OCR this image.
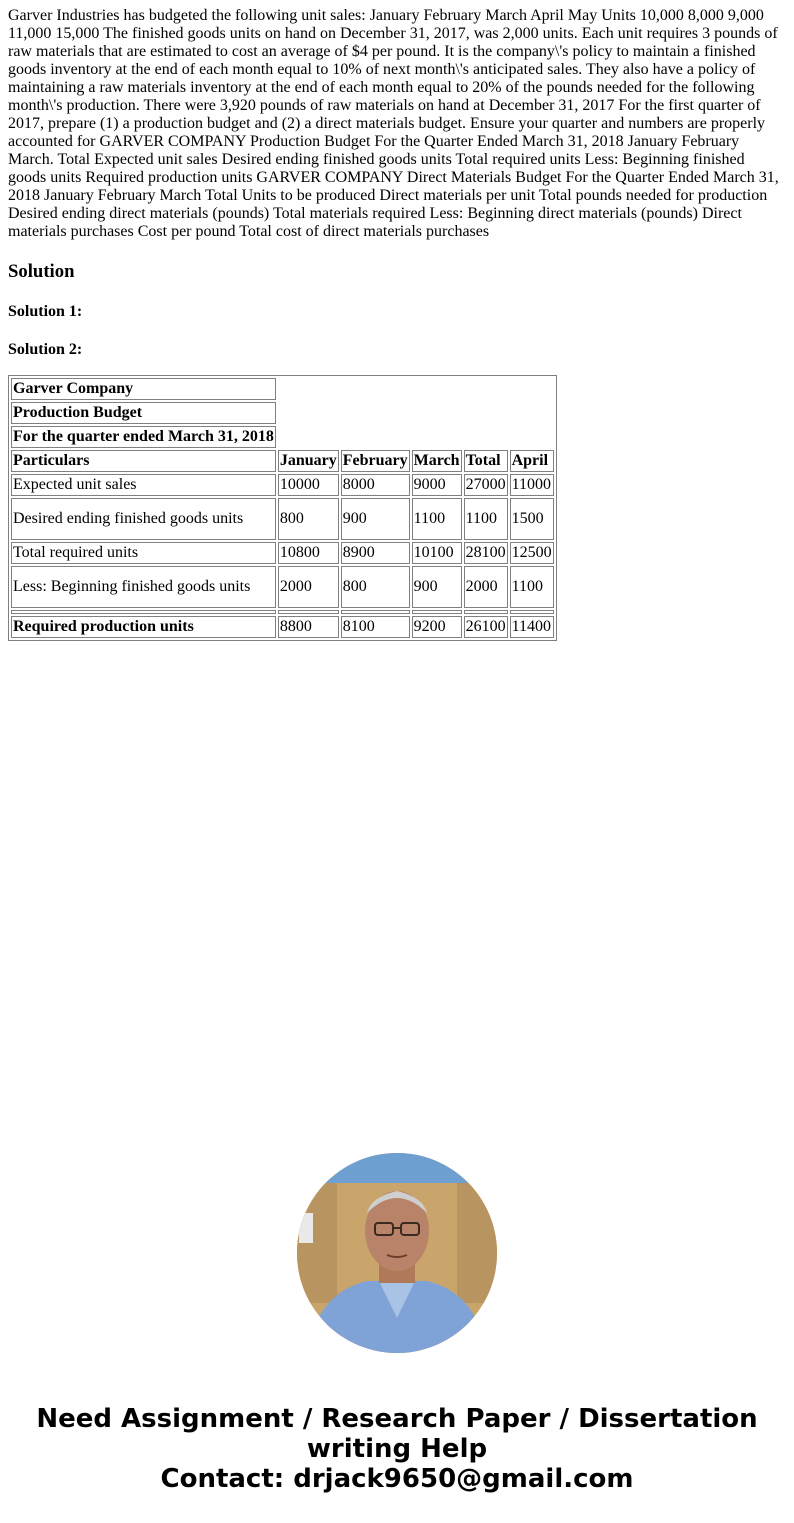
Garver Industries has budgeted the following unit sales: January February March April May Units 10,000 8,000 9,000 11,000 15,000 The finished goods units on hand on December 31, 2017, was 2,000 units. Each unit requires 3 pounds of raw materials that are estimated to cost an average of $4 per pound. It is the company\'s policy to maintain a finished goods inventory at the end of each month equal to 10% of next month\'s anticipated sales. They also have a policy of maintaining a raw materials inventory at the end of each month equal to 20% of the pounds needed for the following month\'s production. There were 3,920 pounds of raw materials on hand at December 31, 2017 For the first quarter of 2017, prepare (1) a production budget and (2) a direct materials budget. Ensure your quarter and numbers are properly accounted for GARVER COMPANY Production Budget For the Quarter Ended March 31, 2018 January February March. Total Expected unit sales Desired ending finished goods units Total required units Less: Beginning finished goods units Required production units GARVER COMPANY Direct Materials Budget For the Quarter Ended March 31, 2018 January February March Total Units to be produced Direct materials per unit Total pounds needed for production Desired ending direct materials (pounds) Total materials required Less: Beginning direct materials (pounds) Direct materials purchases Cost per pound Total cost of direct materials purchases

Solution
Solution 1:
Solution 2:
Garver Company					
Production Budget					
For the quarter ended March 31, 2018					
Particulars	January	February	March	Total	April
Expected unit sales	10000	8000	9000	27000	11000
Desired ending finished goods units	800	900	1100	1100	1500
Total required units	10800	8900	10100	28100	12500
Less: Beginning finished goods units	2000	800	900	2000	1100

Required production units	8800	8100	9200	26100	11400
Need Assignment / Research Paper / Dissertation
writing Help
Contact: drjack9650@gmail.com
